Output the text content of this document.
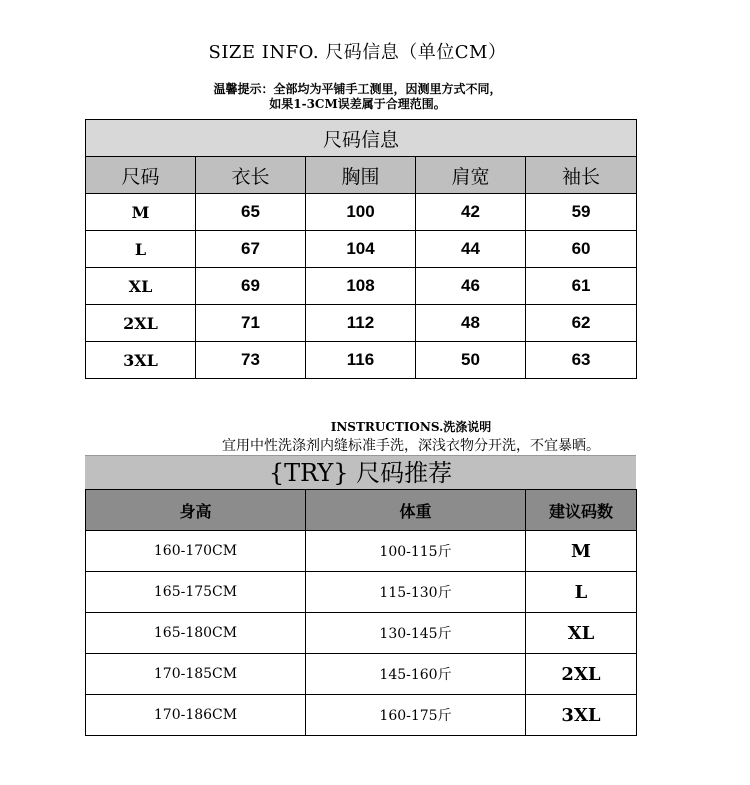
SIZE INFO. 尺码信息（单位CM）
温馨提示：全部均为平铺手工测里，因测里方式不同，
如果1-3CM误差属于合理范围。
尺码信息				
尺码	衣长	胸围	肩宽	袖长
M	65	100	42	59
L	67	104	44	60
XL	69	108	46	61
2XL	71	112	48	62
3XL	73	116	50	63
INSTRUCTIONS.洗涤说明
宜用中性洗涤剂内缝标准手洗，深浅衣物分开洗，不宜暴晒。
{TRY} 尺码推荐
身高	体重	建议码数
160-170CM	100-115斤	M
165-175CM	115-130斤	L
165-180CM	130-145斤	XL
170-185CM	145-160斤	2XL
170-186CM	160-175斤	3XL
